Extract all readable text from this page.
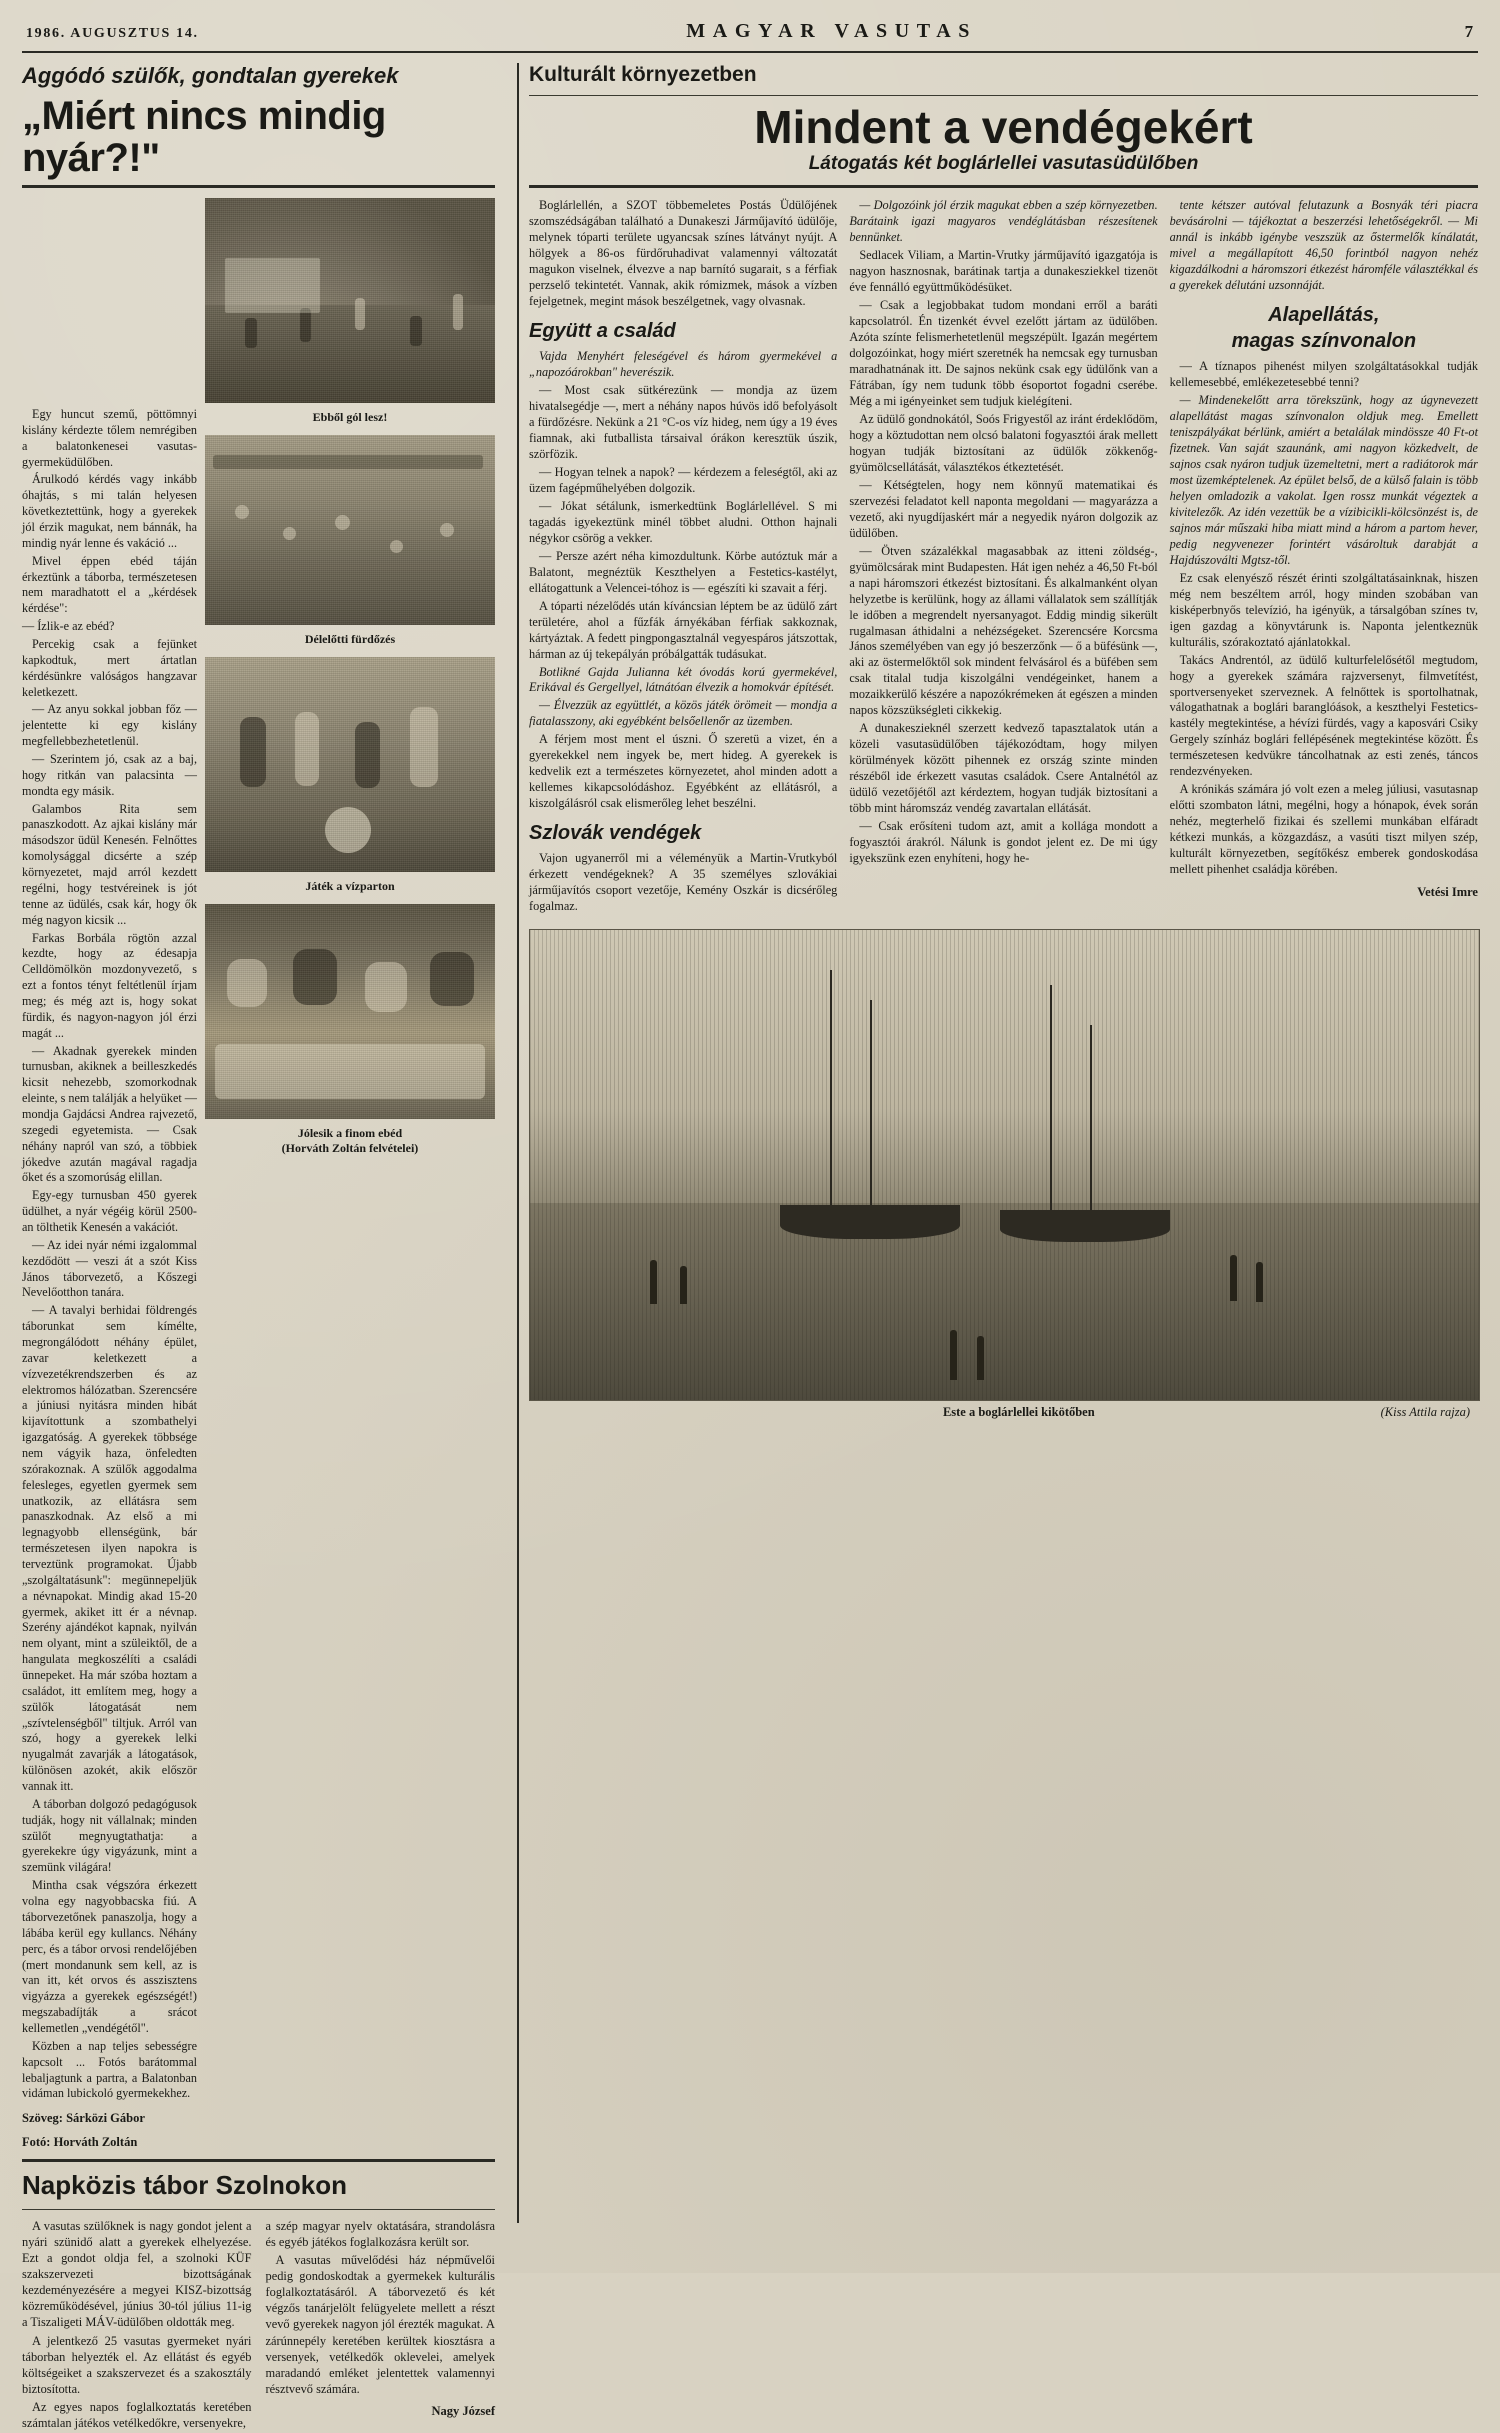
1986. AUGUSZTUS 14.	MAGYAR VASUTAS	7
Aggódó szülők, gondtalan gyerekek
„Miért nincs mindig nyár?!"
Ebből gól lesz!

Egy huncut szemű, pöttömnyi kislány kérdezte tőlem nemrégiben a balatonkenesei vasutas-gyermeküdülőben.

Árulkodó kérdés vagy inkább óhajtás, s mi talán helyesen következtettünk, hogy a gyerekek jól érzik magukat, nem bánnák, ha mindig nyár lenne és vakáció ...

Mivel éppen ebéd táján érkeztünk a táborba, természetesen nem maradhatott el a „kérdések kérdése":

— Ízlik-e az ebéd?

Percekig csak a fejünket kapkodtuk, mert ártatlan kérdésünkre valóságos hangzavar keletkezett.

— Az anyu sokkal jobban főz — jelentette ki egy kislány megfellebbezhetetlenül.

— Szerintem jó, csak az a baj, hogy ritkán van palacsinta — mondta egy másik.

Galambos Rita sem panaszkodott. Az ajkai kislány már másodszor üdül Kenesén. Felnőttes komolysággal dicsérte a szép környezetet, majd arról kezdett regélni, hogy testvéreinek is jót tenne az üdülés, csak kár, hogy ők még nagyon kicsik ...

Farkas Borbála rögtön azzal kezdte, hogy az édesapja Celldömölkön mozdonyvezető, s ezt a fontos tényt feltétlenül írjam meg; és még azt is, hogy sokat fürdik, és nagyon-nagyon jól érzi magát ...

— Akadnak gyerekek minden turnusban, akiknek a beilleszkedés kicsit nehezebb, szomorkodnak eleinte, s nem találják a helyüket — mondja Gajdácsi Andrea rajvezető, szegedi egyetemista. — Csak néhány napról van szó, a többiek jókedve azután magával ragadja őket és a szomorúság elillan.

Egy-egy turnusban 450 gyerek üdülhet, a nyár végéig körül 2500-an tölthetik Kenesén a vakációt.

— Az idei nyár némi izgalommal kezdődött — veszi át a szót Kiss János táborvezető, a Kőszegi Nevelőotthon tanára.

— A tavalyi berhidai földrengés táborunkat sem kímélte, megrongálódott néhány épület, zavar keletkezett a vízvezetékrendszerben és az elektromos hálózatban. Szerencsére a júniusi nyitásra minden hibát kijavítottunk a szombathelyi igazgatóság. A gyerekek többsége nem vágyik haza, önfeledten szórakoznak. A szülők aggodalma felesleges, egyetlen gyermek sem unatkozik, az ellátásra sem panaszkodnak. Az első a mi legnagyobb ellenségünk, bár természetesen ilyen napokra is terveztünk programokat. Újabb „szolgáltatásunk": megünnepeljük a névnapokat. Mindig akad 15-20 gyermek, akiket itt ér a névnap. Szerény ajándékot kapnak, nyilván nem olyant, mint a szüleiktől, de a hangulata megkoszélíti a családi ünnepeket. Ha már szóba hoztam a családot, itt említem meg, hogy a szülők látogatását nem „szívtelenségből" tiltjuk. Arról van szó, hogy a gyerekek lelki nyugalmát zavarják a látogatások, különösen azokét, akik először vannak itt.

A táborban dolgozó pedagógusok tudják, hogy nit vállalnak; minden szülőt megnyugtathatja: a gyerekekre úgy vigyázunk, mint a szemünk világára!

Mintha csak végszóra érkezett volna egy nagyobbacska fiú. A táborvezetőnek panaszolja, hogy a lábába kerül egy kullancs. Néhány perc, és a tábor orvosi rendelőjében (mert mondanunk sem kell, az is van itt, két orvos és asszisztens vigyázza a gyerekek egészségét!) megszabadíjták a srácot kellemetlen „vendégétől".

Közben a nap teljes sebességre kapcsolt ... Fotós barátommal lebaljagtunk a partra, a Balatonban vidáman lubickoló gyermekekhez.

Szöveg: Sárközi Gábor
Fotó: Horváth Zoltán
Délelőtti fürdőzés
Játék a vízparton
Jólesik a finom ebéd
(Horváth Zoltán felvételei)
Napközis tábor Szolnokon

A vasutas szülőknek is nagy gondot jelent a nyári szünidő alatt a gyerekek elhelyezése. Ezt a gondot oldja fel, a szolnoki KÜF szakszervezeti bizottságának kezdeményezésére a megyei KISZ-bizottság közreműködésével, június 30-tól július 11-ig a Tiszaligeti MÁV-üdülőben oldották meg.

A jelentkező 25 vasutas gyermeket nyári táborban helyezték el. Az ellátást és egyéb költségeiket a szakszervezet és a szakosztály biztosította.

Az egyes napos foglalkoztatás keretében számtalan játékos vetélkedőkre, versenyekre,

a szép magyar nyelv oktatására, strandolásra és egyéb játékos foglalkozásra került sor.

A vasutas művelődési ház népművelői pedig gondoskodtak a gyermekek kulturális foglalkoztatásáról. A táborvezető és két végzős tanárjelölt felügyelete mellett a részt vevő gyerekek nagyon jól érezték magukat. A zárúnnepély keretében kerültek kiosztásra a versenyek, vetélkedők oklevelei, amelyek maradandó emléket jelentettek valamennyi résztvevő számára.

Nagy József
Kulturált környezetben
Mindent a vendégekért
Látogatás két boglárlellei vasutasüdülőben

Boglárlellén, a SZOT többemeletes Postás Üdülőjének szomszédságában található a Dunakeszi Járműjavító üdülője, melynek tóparti területe ugyancsak színes látványt nyújt. A hölgyek a 86-os fürdőruhadivat valamennyi változatát magukon viselnek, élvezve a nap barnító sugarait, s a férfiak perzselő tekintetét. Vannak, akik rómizmek, mások a vízben fejelgetnek, megint mások beszélgetnek, vagy olvasnak.

Együtt a család

Vajda Menyhért feleségével és három gyermekével a „napozóárokban" heverészik.

— Most csak sütkérezünk — mondja az üzem hivatalsegédje —, mert a néhány napos húvös idő befolyásolt a fürdőzésre. Nekünk a 21 °C-os víz hideg, nem úgy a 19 éves fiamnak, aki futballista társaival órákon keresztük úszik, szörfözik.

— Hogyan telnek a napok? — kérdezem a feleségtől, aki az üzem fagépműhelyében dolgozik.

— Jókat sétálunk, ismerkedtünk Boglárlellével. S mi tagadás igyekeztünk minél többet aludni. Otthon hajnali négykor csörög a vekker.

— Persze azért néha kimozdultunk. Körbe autóztuk már a Balatont, megnéztük Keszthelyen a Festetics-kastélyt, ellátogattunk a Velencei-tóhoz is — egészíti ki szavait a férj.

A tóparti nézelődés után kíváncsian léptem be az üdülő zárt területére, ahol a fűzfák árnyékában férfiak sakkoznak, kártyáztak. A fedett pingpongasztalnál vegyespáros játszottak, hárman az új tekepályán próbálgatták tudásukat.

Botlikné Gajda Julianna két óvodás korú gyermekével, Erikával és Gergellyel, látnátóan élvezik a homokvár építését.

— Élvezzük az együttlét, a közös játék örömeit — mondja a fiatalasszony, aki egyébként belsőellenőr az üzemben.

A férjem most ment el úszni. Ő szeretü a vizet, én a gyerekekkel nem ingyek be, mert hideg. A gyerekek is kedvelik ezt a természetes környezetet, ahol minden adott a kellemes kikapcsolódáshoz. Egyébként az ellátásról, a kiszolgálásról csak elismerőleg lehet beszélni.

Szlovák vendégek

Vajon ugyanerről mi a véleményük a Martin-Vrutkyból érkezett vendégeknek? A 35 személyes szlovákiai járműjavítós csoport vezetője, Kemény Oszkár is dicsérőleg fogalmaz.

— Dolgozóink jól érzik magukat ebben a szép környezetben. Barátaink igazi magyaros vendéglátásban részesítenek bennünket.

Sedlacek Viliam, a Martin-Vrutky járműjavító igazgatója is nagyon hasznosnak, barátinak tartja a dunakesziekkel tizenöt éve fennálló együttműködésüket.

— Csak a legjobbakat tudom mondani erről a baráti kapcsolatról. Én tizenkét évvel ezelőtt jártam az üdülőben. Azóta színte felismerhetetlenül megszépült. Igazán megértem dolgozóinkat, hogy miért szeretnék ha nemcsak egy turnusban maradhatnának itt. De sajnos nekünk csak egy üdülőnk van a Fátrában, így nem tudunk több ésoportot fogadni cserébe. Még a mi igényeinket sem tudjuk kielégíteni.

Az üdülő gondnokától, Soós Frigyestől az iránt érdeklődöm, hogy a köztudottan nem olcsó balatoni fogyasztói árak mellett hogyan tudják biztosítani az üdülők zökkenőg- gyümölcsellátását, választékos étkeztetését.

— Kétségtelen, hogy nem könnyű matematikai és szervezési feladatot kell naponta megoldani — magyarázza a vezető, aki nyugdíjaskért már a negyedik nyáron dolgozik az üdülőben.

— Ötven százalékkal magasabbak az itteni zöldség-, gyümölcsárak mint Budapesten. Hát igen nehéz a 46,50 Ft-ból a napi háromszori étkezést biztosítani. És alkalmanként olyan helyzetbe is kerülünk, hogy az állami vállalatok sem szállítják le időben a megrendelt nyersanyagot. Eddig mindig sikerült rugalmasan áthidalni a nehézségeket. Szerencsére Korcsma János személyében van egy jó beszerzőnk — ő a büfésünk —, aki az östermelőktől sok mindent felvásárol és a büfében sem csak titalal tudja kiszolgálni vendégeinket, hanem a mozaikkerülő készére a napozókrémeken át egészen a minden napos közszükségleti cikkekig.

A dunakeszieknél szerzett kedvező tapasztalatok után a közeli vasutasüdülőben tájékozódtam, hogy milyen körülmények között pihennek ez ország szinte minden részéből ide érkezett vasutas családok. Csere Antalnétól az üdülő vezetőjétől azt kérdeztem, hogyan tudják biztosítani a több mint háromszáz vendég zavartalan ellátását.

— Csak erősíteni tudom azt, amit a kollága mondott a fogyasztói árakról. Nálunk is gondot jelent ez. De mi úgy igyekszünk ezen enyhíteni, hogy he-

tente kétszer autóval felutazunk a Bosnyák téri piacra bevásárolni — tájékoztat a beszerzési lehetőségekről. — Mi annál is inkább igénybe veszszük az őstermelők kínálatát, mivel a megállapított 46,50 forintból nagyon nehéz kigazdálkodni a háromszori étkezést háromféle választékkal és a gyerekek délutáni uzsonnáját.

Alapellátás,
magas színvonalon

— A tíznapos pihenést milyen szolgáltatásokkal tudják kellemesebbé, emlékezetesebbé tenni?

— Mindenekelőtt arra törekszünk, hogy az úgynevezett alapellátást magas színvonalon oldjuk meg. Emellett teniszpályákat bérlünk, amiért a betalálak mindössze 40 Ft-ot fizetnek. Van saját szaunánk, ami nagyon közkedvelt, de sajnos csak nyáron tudjuk üzemeltetni, mert a radiátorok már most üzemképtelenek. Az épület belső, de a külső falain is több helyen omladozik a vakolat. Igen rossz munkát végeztek a kivitelezők. Az idén vezettük be a vízibicikli-kölcsönzést is, de sajnos már műszaki hiba miatt mind a három a partom hever, pedig negyvenezer forintért vásároltuk darabját a Hajdúszoválti Mgtsz-től.

Ez csak elenyésző részét érinti szolgáltatásainknak, hiszen még nem beszéltem arról, hogy minden szobában van kisképerbnyős televízió, ha igényük, a társalgóban színes tv, igen gazdag a könyvtárunk is. Naponta jelentkeznük kulturális, szórakoztató ajánlatokkal.

Takács Andrentól, az üdülő kulturfelelősétől megtudom, hogy a gyerekek számára rajzversenyt, filmvetítést, sportversenyeket szerveznek. A felnőttek is sportolhatnak, válogathatnak a boglári baranglóások, a keszthelyi Festetics-kastély megtekintése, a hévízi fürdés, vagy a kaposvári Csiky Gergely színház boglári fellépésének megtekintése között. És természetesen kedvükre táncolhatnak az esti zenés, táncos rendezvényeken.

A krónikás számára jó volt ezen a meleg júliusi, vasutasnap előtti szombaton látni, megélni, hogy a hónapok, évek során nehéz, megterhelő fizikai és szellemi munkában elfáradt kétkezi munkás, a közgazdász, a vasúti tiszt milyen szép, kulturált környezetben, segítőkész emberek gondoskodása mellett pihenhet családja körében.

Vetési Imre
Este a boglárlellei kikötőben	(Kiss Attila rajza)
